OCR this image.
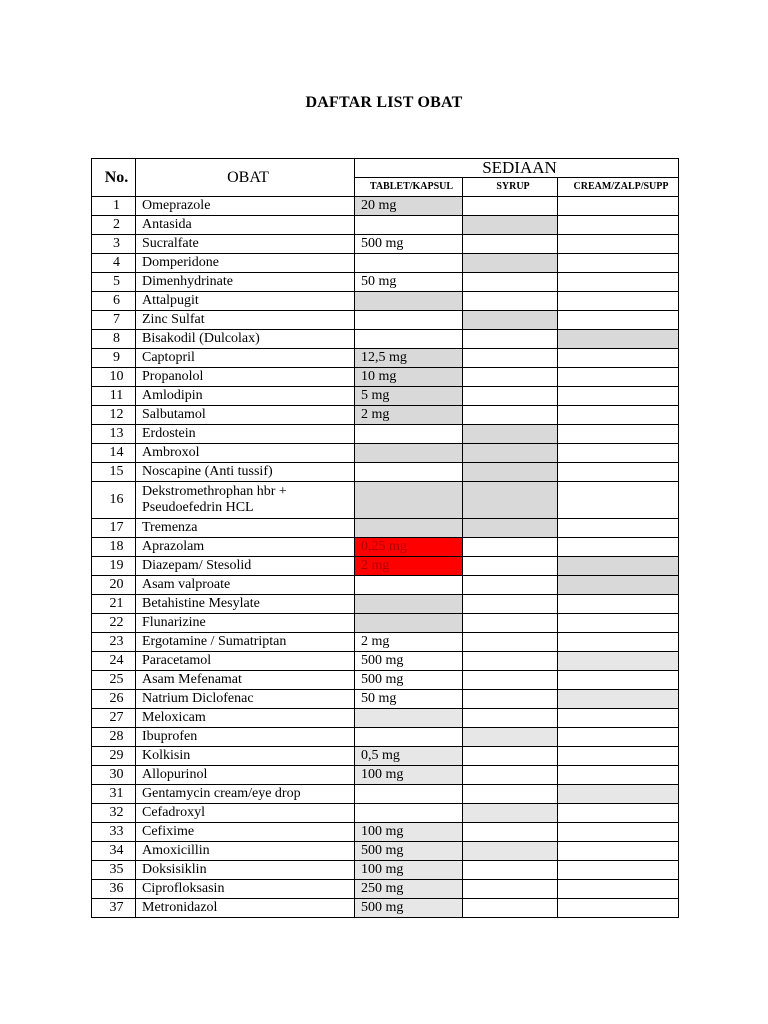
DAFTAR LIST OBAT
No.	OBAT	SEDIAAN		
		TABLET/KAPSUL	SYRUP	CREAM/ZALP/SUPP
1	Omeprazole	20 mg		
2	Antasida			
3	Sucralfate	500 mg		
4	Domperidone			
5	Dimenhydrinate	50 mg		
6	Attalpugit			
7	Zinc Sulfat			
8	Bisakodil (Dulcolax)			
9	Captopril	12,5 mg		
10	Propanolol	10 mg		
11	Amlodipin	5 mg		
12	Salbutamol	2 mg		
13	Erdostein			
14	Ambroxol			
15	Noscapine (Anti tussif)			
16	Dekstromethrophan hbr + Pseudoefedrin HCL			
17	Tremenza			
18	Aprazolam	0,25 mg		
19	Diazepam/ Stesolid	2 mg		
20	Asam valproate			
21	Betahistine Mesylate			
22	Flunarizine			
23	Ergotamine / Sumatriptan	2 mg		
24	Paracetamol	500 mg		
25	Asam Mefenamat	500 mg		
26	Natrium Diclofenac	50 mg		
27	Meloxicam			
28	Ibuprofen			
29	Kolkisin	0,5 mg		
30	Allopurinol	100 mg		
31	Gentamycin cream/eye drop			
32	Cefadroxyl			
33	Cefixime	100 mg		
34	Amoxicillin	500 mg		
35	Doksisiklin	100 mg		
36	Ciprofloksasin	250 mg		
37	Metronidazol	500 mg		
